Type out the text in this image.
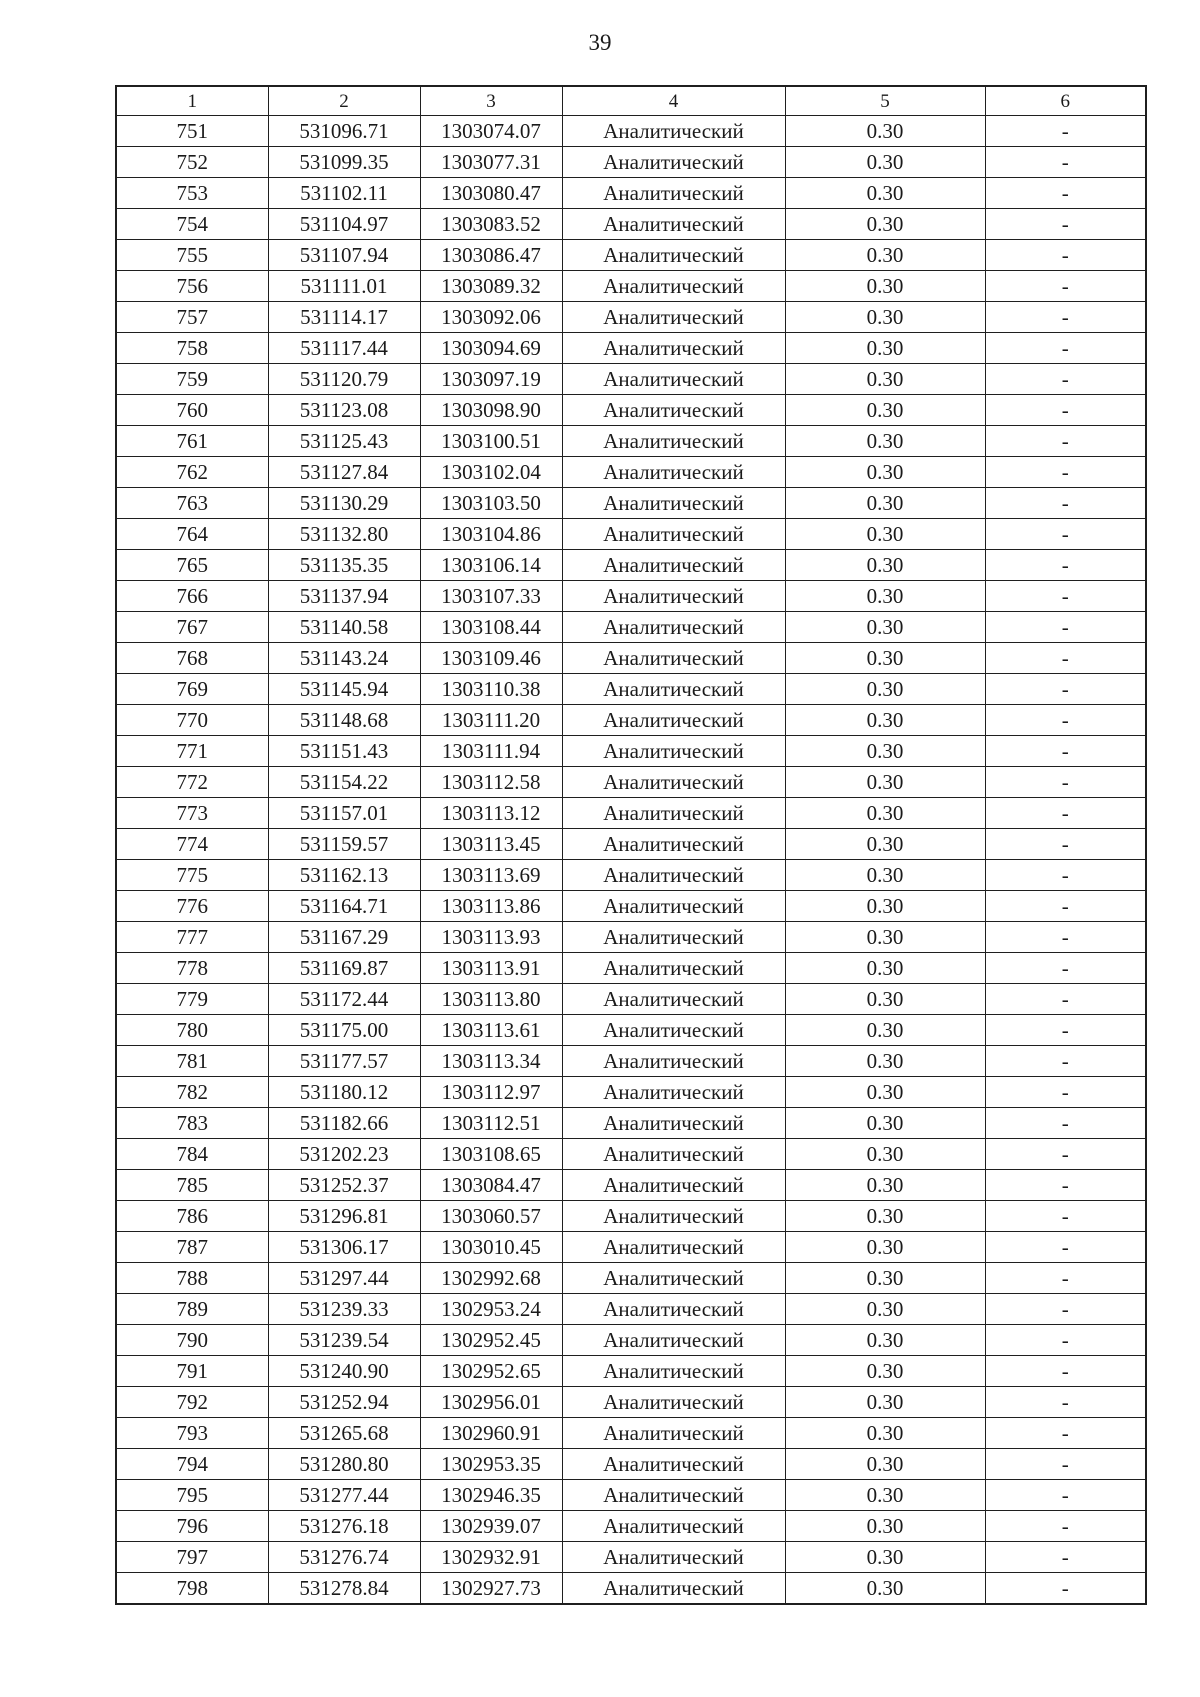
39
1	2	3	4	5	6
751	531096.71	1303074.07	Аналитический	0.30	-
752	531099.35	1303077.31	Аналитический	0.30	-
753	531102.11	1303080.47	Аналитический	0.30	-
754	531104.97	1303083.52	Аналитический	0.30	-
755	531107.94	1303086.47	Аналитический	0.30	-
756	531111.01	1303089.32	Аналитический	0.30	-
757	531114.17	1303092.06	Аналитический	0.30	-
758	531117.44	1303094.69	Аналитический	0.30	-
759	531120.79	1303097.19	Аналитический	0.30	-
760	531123.08	1303098.90	Аналитический	0.30	-
761	531125.43	1303100.51	Аналитический	0.30	-
762	531127.84	1303102.04	Аналитический	0.30	-
763	531130.29	1303103.50	Аналитический	0.30	-
764	531132.80	1303104.86	Аналитический	0.30	-
765	531135.35	1303106.14	Аналитический	0.30	-
766	531137.94	1303107.33	Аналитический	0.30	-
767	531140.58	1303108.44	Аналитический	0.30	-
768	531143.24	1303109.46	Аналитический	0.30	-
769	531145.94	1303110.38	Аналитический	0.30	-
770	531148.68	1303111.20	Аналитический	0.30	-
771	531151.43	1303111.94	Аналитический	0.30	-
772	531154.22	1303112.58	Аналитический	0.30	-
773	531157.01	1303113.12	Аналитический	0.30	-
774	531159.57	1303113.45	Аналитический	0.30	-
775	531162.13	1303113.69	Аналитический	0.30	-
776	531164.71	1303113.86	Аналитический	0.30	-
777	531167.29	1303113.93	Аналитический	0.30	-
778	531169.87	1303113.91	Аналитический	0.30	-
779	531172.44	1303113.80	Аналитический	0.30	-
780	531175.00	1303113.61	Аналитический	0.30	-
781	531177.57	1303113.34	Аналитический	0.30	-
782	531180.12	1303112.97	Аналитический	0.30	-
783	531182.66	1303112.51	Аналитический	0.30	-
784	531202.23	1303108.65	Аналитический	0.30	-
785	531252.37	1303084.47	Аналитический	0.30	-
786	531296.81	1303060.57	Аналитический	0.30	-
787	531306.17	1303010.45	Аналитический	0.30	-
788	531297.44	1302992.68	Аналитический	0.30	-
789	531239.33	1302953.24	Аналитический	0.30	-
790	531239.54	1302952.45	Аналитический	0.30	-
791	531240.90	1302952.65	Аналитический	0.30	-
792	531252.94	1302956.01	Аналитический	0.30	-
793	531265.68	1302960.91	Аналитический	0.30	-
794	531280.80	1302953.35	Аналитический	0.30	-
795	531277.44	1302946.35	Аналитический	0.30	-
796	531276.18	1302939.07	Аналитический	0.30	-
797	531276.74	1302932.91	Аналитический	0.30	-
798	531278.84	1302927.73	Аналитический	0.30	-
